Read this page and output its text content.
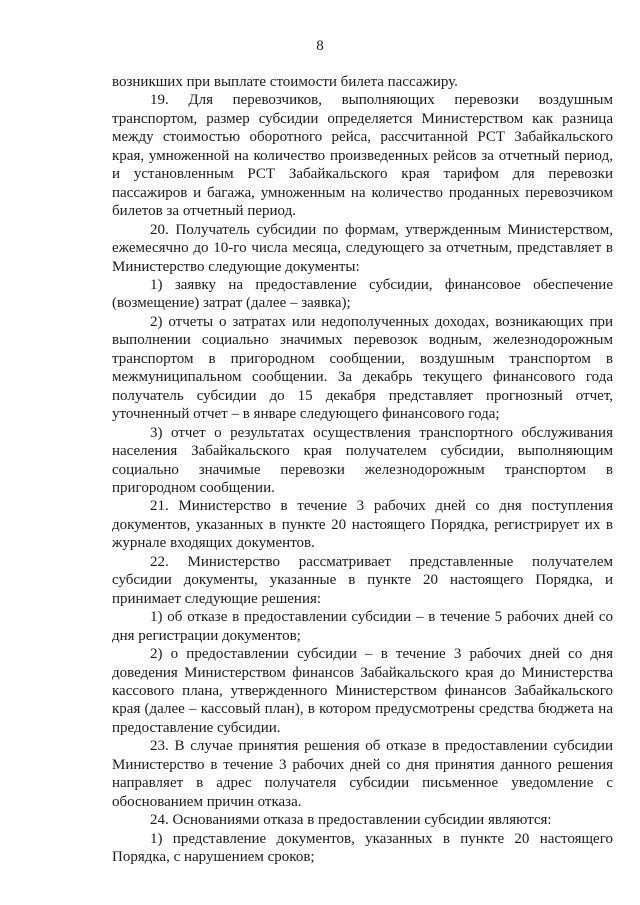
8

возникших при выплате стоимости билета пассажиру.

19. Для перевозчиков, выполняющих перевозки воздушным транспортом, размер субсидии определяется Министерством как разница между стоимостью оборотного рейса, рассчитанной РСТ Забайкальского края, умноженной на количество произведенных рейсов за отчетный период, и установленным РСТ Забайкальского края тарифом для перевозки пассажиров и багажа, умноженным на количество проданных перевозчиком билетов за отчетный период.

20. Получатель субсидии по формам, утвержденным Министерством, ежемесячно до 10-го числа месяца, следующего за отчетным, представляет в Министерство следующие документы:

1) заявку на предоставление субсидии, финансовое обеспечение (возмещение) затрат (далее – заявка);

2) отчеты о затратах или недополученных доходах, возникающих при выполнении социально значимых перевозок водным, железнодорожным транспортом в пригородном сообщении, воздушным транспортом в межмуниципальном сообщении. За декабрь текущего финансового года получатель субсидии до 15 декабря представляет прогнозный отчет, уточненный отчет – в январе следующего финансового года;

3) отчет о результатах осуществления транспортного обслуживания населения Забайкальского края получателем субсидии, выполняющим социально значимые перевозки железнодорожным транспортом в пригородном сообщении.

21. Министерство в течение 3 рабочих дней со дня поступления документов, указанных в пункте 20 настоящего Порядка, регистрирует их в журнале входящих документов.

22. Министерство рассматривает представленные получателем субсидии документы, указанные в пункте 20 настоящего Порядка, и принимает следующие решения:

1) об отказе в предоставлении субсидии – в течение 5 рабочих дней со дня регистрации документов;

2) о предоставлении субсидии – в течение 3 рабочих дней со дня доведения Министерством финансов Забайкальского края до Министерства кассового плана, утвержденного Министерством финансов Забайкальского края (далее – кассовый план), в котором предусмотрены средства бюджета на предоставление субсидии.

23. В случае принятия решения об отказе в предоставлении субсидии Министерство в течение 3 рабочих дней со дня принятия данного решения направляет в адрес получателя субсидии письменное уведомление с обоснованием причин отказа.

24. Основаниями отказа в предоставлении субсидии являются:

1) представление документов, указанных в пункте 20 настоящего Порядка, с нарушением сроков;
